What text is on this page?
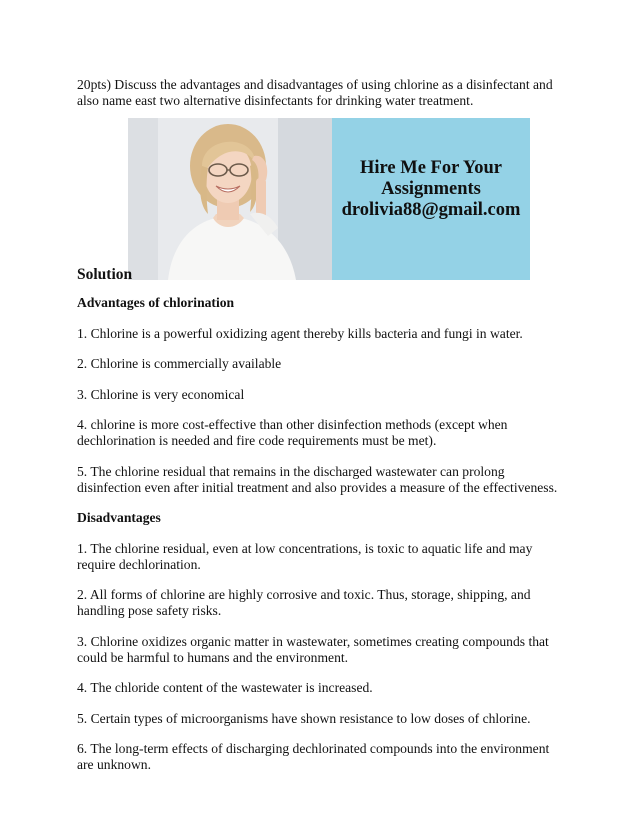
20pts) Discuss the advantages and disadvantages of using chlorine as a disinfectant and also name east two alternative disinfectants for drinking water treatment.

Hire Me For Your
Assignments
drolivia88@gmail.com

Solution

Advantages of chlorination

1. Chlorine is a powerful oxidizing agent thereby kills bacteria and fungi in water.

2. Chlorine is commercially available

3. Chlorine is very economical

4. chlorine is more cost-effective than other disinfection methods (except when dechlorination is needed and fire code requirements must be met).

5. The chlorine residual that remains in the discharged wastewater can prolong disinfection even after initial treatment and also provides a measure of the effectiveness.

Disadvantages

1. The chlorine residual, even at low concentrations, is toxic to aquatic life and may require dechlorination.

2. All forms of chlorine are highly corrosive and toxic. Thus, storage, shipping, and handling pose safety risks.

3. Chlorine oxidizes organic matter in wastewater, sometimes creating compounds that could be harmful to humans and the environment.

4. The chloride content of the wastewater is increased.

5. Certain types of microorganisms have shown resistance to low doses of chlorine.

6. The long-term effects of discharging dechlorinated compounds into the environment are unknown.
